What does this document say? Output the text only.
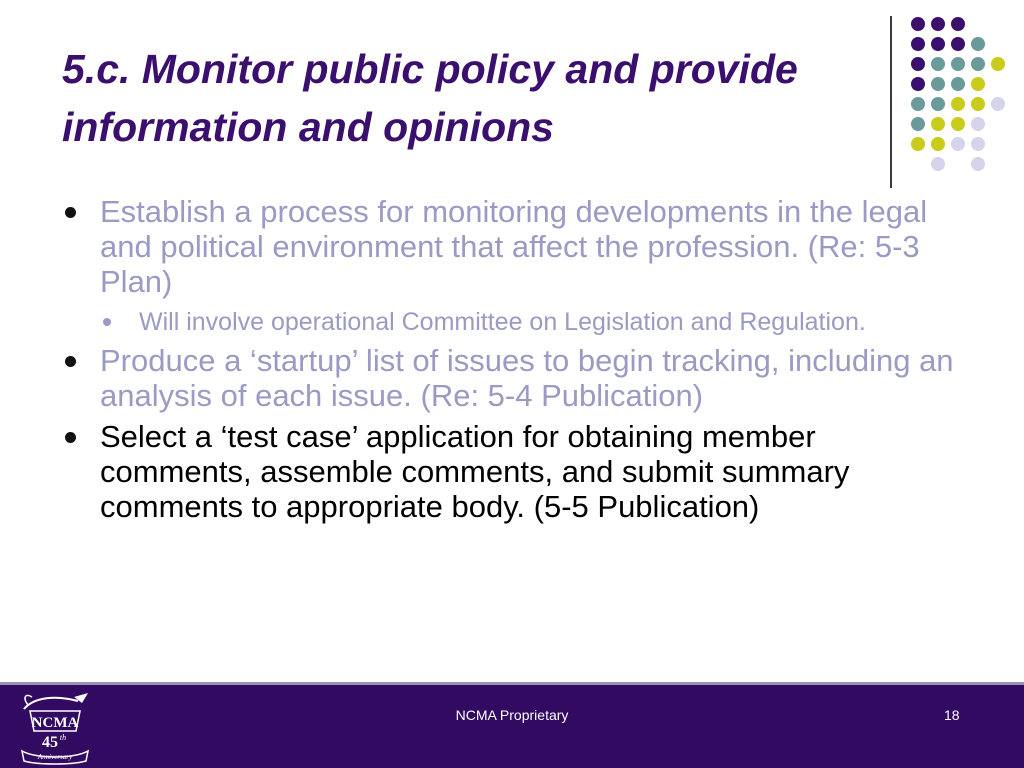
5.c. Monitor public policy and provide information and opinions
Establish a process for monitoring developments in the legal and political environment that affect the profession. (Re: 5-3 Plan)
Will involve operational Committee on Legislation and Regulation.
Produce a ‘startup’ list of issues to begin tracking, including an analysis of each issue. (Re: 5-4 Publication)
Select a ‘test case’ application for obtaining member comments, assemble comments, and submit summary comments to appropriate body. (5-5 Publication)
NCMA
45 th
Anniversary
NCMA Proprietary	18
